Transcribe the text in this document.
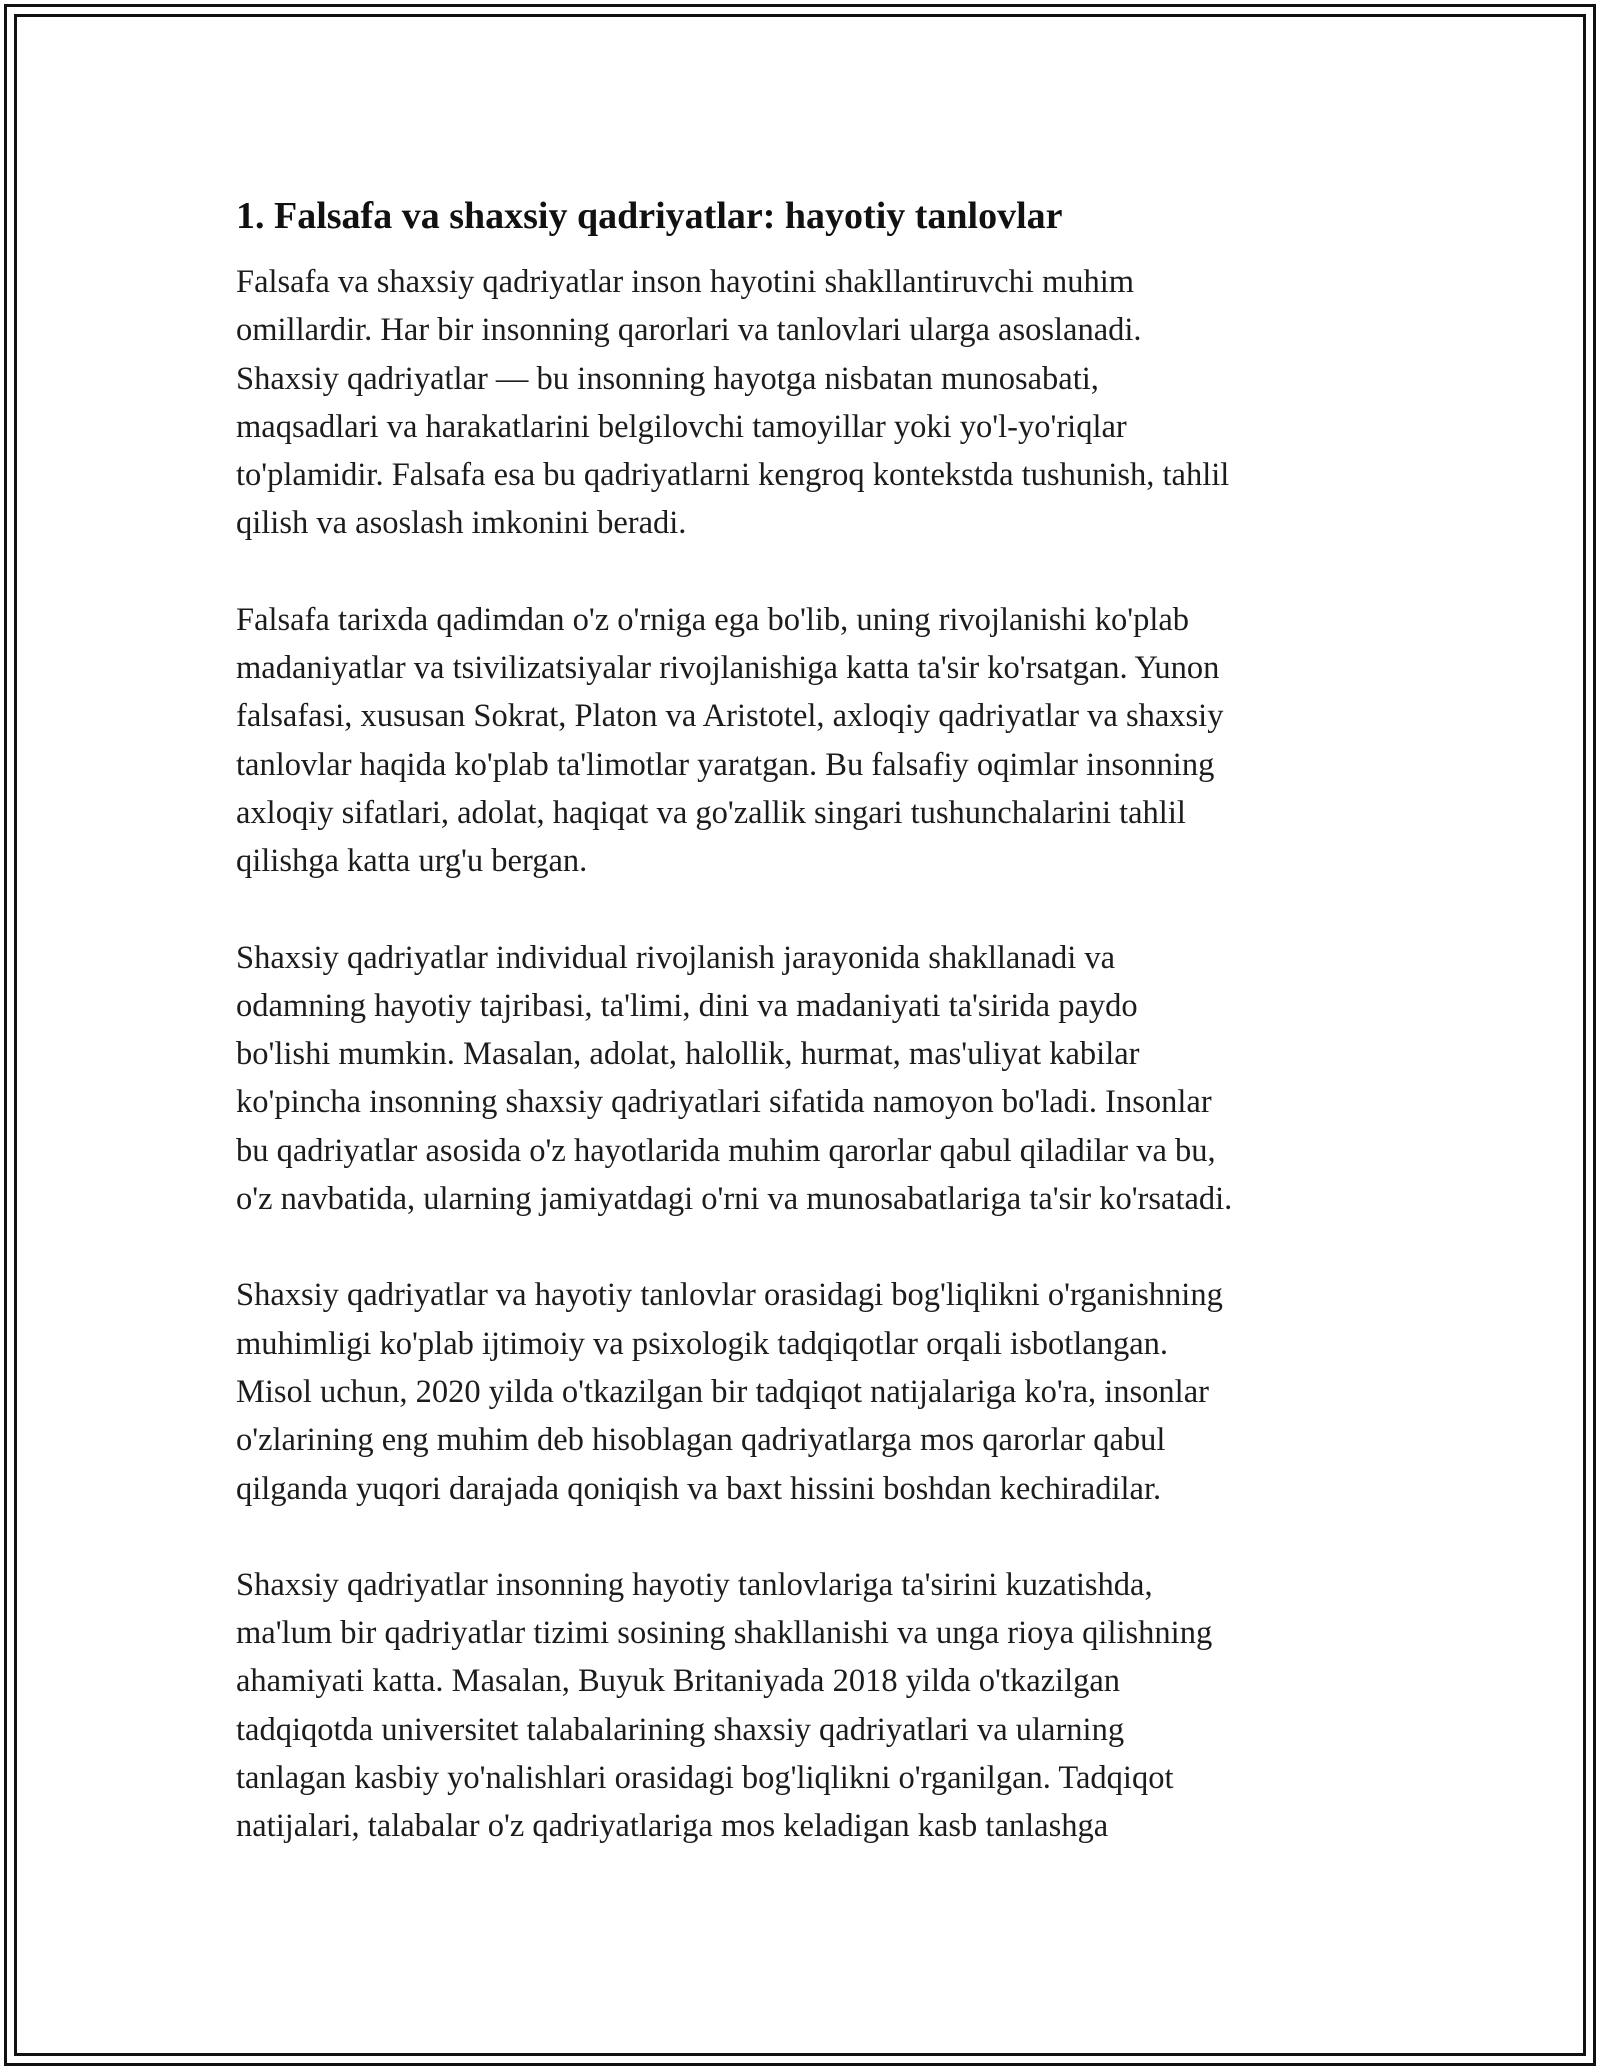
1. Falsafa va shaxsiy qadriyatlar: hayotiy tanlovlar
Falsafa va shaxsiy qadriyatlar inson hayotini shakllantiruvchi muhim
omillardir. Har bir insonning qarorlari va tanlovlari ularga asoslanadi.
Shaxsiy qadriyatlar — bu insonning hayotga nisbatan munosabati,
maqsadlari va harakatlarini belgilovchi tamoyillar yoki yo'l-yo'riqlar
to'plamidir. Falsafa esa bu qadriyatlarni kengroq kontekstda tushunish, tahlil
qilish va asoslash imkonini beradi.
Falsafa tarixda qadimdan o'z o'rniga ega bo'lib, uning rivojlanishi ko'plab
madaniyatlar va tsivilizatsiyalar rivojlanishiga katta ta'sir ko'rsatgan. Yunon
falsafasi, xususan Sokrat, Platon va Aristotel, axloqiy qadriyatlar va shaxsiy
tanlovlar haqida ko'plab ta'limotlar yaratgan. Bu falsafiy oqimlar insonning
axloqiy sifatlari, adolat, haqiqat va go'zallik singari tushunchalarini tahlil
qilishga katta urg'u bergan.
Shaxsiy qadriyatlar individual rivojlanish jarayonida shakllanadi va
odamning hayotiy tajribasi, ta'limi, dini va madaniyati ta'sirida paydo
bo'lishi mumkin. Masalan, adolat, halollik, hurmat, mas'uliyat kabilar
ko'pincha insonning shaxsiy qadriyatlari sifatida namoyon bo'ladi. Insonlar
bu qadriyatlar asosida o'z hayotlarida muhim qarorlar qabul qiladilar va bu,
o'z navbatida, ularning jamiyatdagi o'rni va munosabatlariga ta'sir ko'rsatadi.
Shaxsiy qadriyatlar va hayotiy tanlovlar orasidagi bog'liqlikni o'rganishning
muhimligi ko'plab ijtimoiy va psixologik tadqiqotlar orqali isbotlangan.
Misol uchun, 2020 yilda o'tkazilgan bir tadqiqot natijalariga ko'ra, insonlar
o'zlarining eng muhim deb hisoblagan qadriyatlarga mos qarorlar qabul
qilganda yuqori darajada qoniqish va baxt hissini boshdan kechiradilar.
Shaxsiy qadriyatlar insonning hayotiy tanlovlariga ta'sirini kuzatishda,
ma'lum bir qadriyatlar tizimi sosining shakllanishi va unga rioya qilishning
ahamiyati katta. Masalan, Buyuk Britaniyada 2018 yilda o'tkazilgan
tadqiqotda universitet talabalarining shaxsiy qadriyatlari va ularning
tanlagan kasbiy yo'nalishlari orasidagi bog'liqlikni o'rganilgan. Tadqiqot
natijalari, talabalar o'z qadriyatlariga mos keladigan kasb tanlashga
